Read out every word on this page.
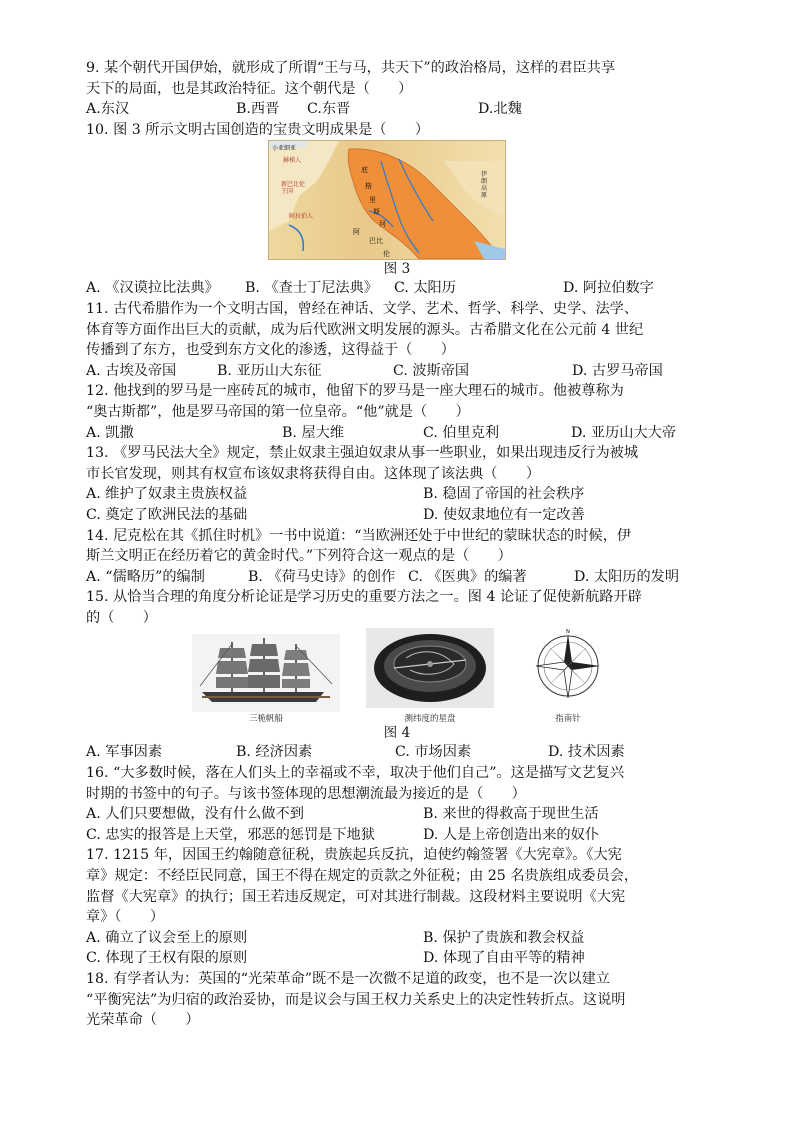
9. 某个朝代开国伊始，就形成了所谓“王与马，共天下”的政治格局，这样的君臣共享
天下的局面，也是其政治特征。这个朝代是（　　）
A.东汉	B.西晋 C.东晋	D.北魏
10. 图 3 所示文明古国创造的宝贵文明成果是（　　）
小亚细亚
赫梯人
新巴比伦王国
阿拉伯人
伊朗高原
阿
巴比
伦
底
格
里
斯
河
图 3
A. 《汉谟拉比法典》 B. 《查士丁尼法典》 C. 太阳历	D. 阿拉伯数字
11. 古代希腊作为一个文明古国，曾经在神话、文学、艺术、哲学、科学、史学、法学、
体育等方面作出巨大的贡献，成为后代欧洲文明发展的源头。古希腊文化在公元前 4 世纪
传播到了东方，也受到东方文化的渗透，这得益于（　　）
A. 古埃及帝国	B. 亚历山大东征	C. 波斯帝国	D. 古罗马帝国
12. 他找到的罗马是一座砖瓦的城市，他留下的罗马是一座大理石的城市。他被尊称为
“奥古斯都”，他是罗马帝国的第一位皇帝。“他”就是（　　）
A. 凯撒	B. 屋大维	C. 伯里克利	D. 亚历山大大帝
13. 《罗马民法大全》规定，禁止奴隶主强迫奴隶从事一些职业，如果出现违反行为被城
市长官发现，则其有权宣布该奴隶将获得自由。这体现了该法典（　　）
A. 维护了奴隶主贵族权益	B. 稳固了帝国的社会秩序
C. 奠定了欧洲民法的基础	D. 使奴隶地位有一定改善
14. 尼克松在其《抓住时机》一书中说道：“当欧洲还处于中世纪的蒙昧状态的时候，伊
斯兰文明正在经历着它的黄金时代。”下列符合这一观点的是（　　）
A. “儒略历”的编制	B. 《荷马史诗》的创作 C. 《医典》的编著	D. 太阳历的发明
15. 从恰当合理的角度分析论证是学习历史的重要方法之一。图 4 论证了促使新航路开辟
的（　　）
三桅帆船	测纬度的星盘
N
指南针
图 4
A. 军事因素	B. 经济因素	C. 市场因素	D. 技术因素
16. “大多数时候，落在人们头上的幸福或不幸，取决于他们自己”。这是描写文艺复兴
时期的书签中的句子。与该书签体现的思想潮流最为接近的是（　　）
A. 人们只要想做，没有什么做不到	B. 来世的得救高于现世生活
C. 忠实的报答是上天堂，邪恶的惩罚是下地狱	D. 人是上帝创造出来的奴仆
17. 1215 年，因国王约翰随意征税，贵族起兵反抗，迫使约翰签署《大宪章》。《大宪
章》规定：不经臣民同意，国王不得在规定的贡款之外征税；由 25 名贵族组成委员会，
监督《大宪章》的执行；国王若违反规定，可对其进行制裁。这段材料主要说明《大宪
章》（　　）
A. 确立了议会至上的原则	B. 保护了贵族和教会权益
C. 体现了王权有限的原则	D. 体现了自由平等的精神
18. 有学者认为：英国的“光荣革命”既不是一次微不足道的政变，也不是一次以建立
“平衡宪法”为归宿的政治妥协，而是议会与国王权力关系史上的决定性转折点。这说明
光荣革命（　　）
